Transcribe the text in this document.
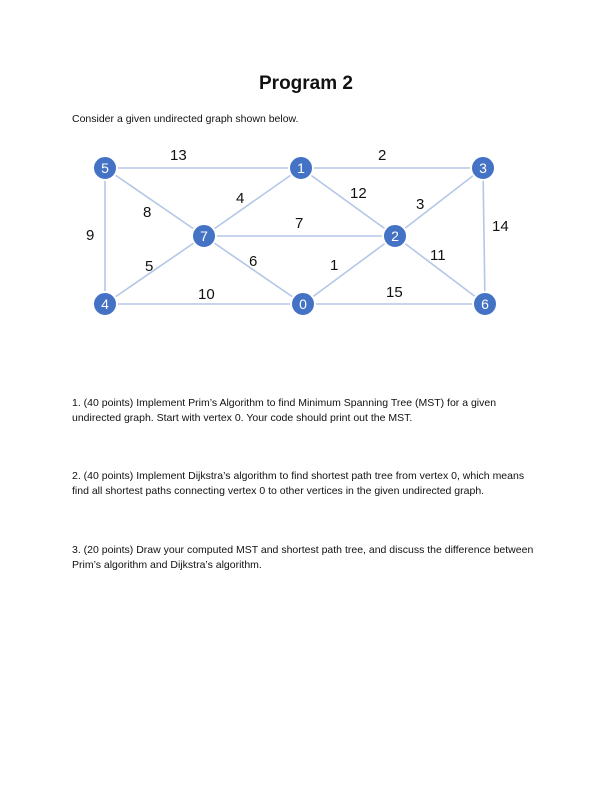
Program 2
Consider a given undirected graph shown below.
13	2
9
8
4	12
3
14
7
5	6	1
11
10	15
5	1	3
7	2
4	0	6
1. (40 points) Implement Prim’s Algorithm to find Minimum Spanning Tree (MST) for a given undirected graph. Start with vertex 0. Your code should print out the MST.
2. (40 points) Implement Dijkstra’s algorithm to find shortest path tree from vertex 0, which means find all shortest paths connecting vertex 0 to other vertices in the given undirected graph.
3. (20 points) Draw your computed MST and shortest path tree, and discuss the difference between Prim’s algorithm and Dijkstra’s algorithm.
